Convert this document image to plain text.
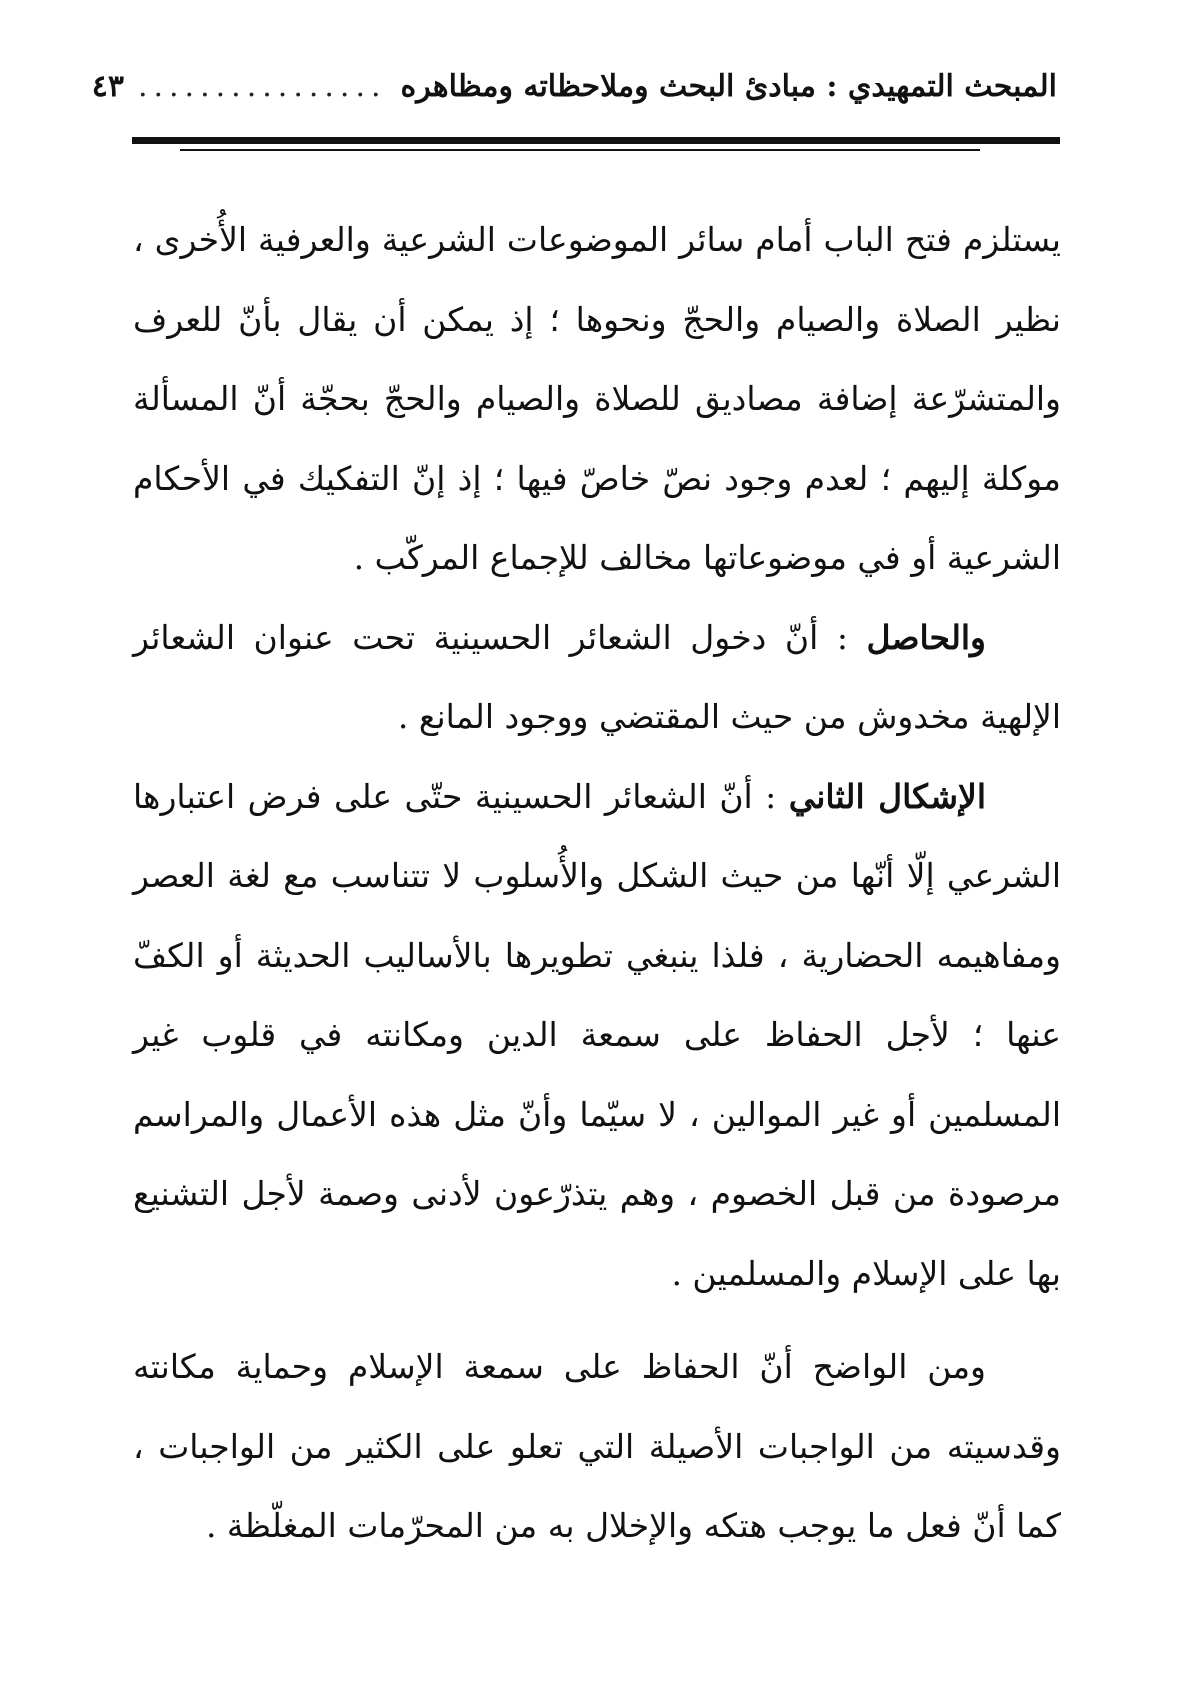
المبحث التمهيدي : مبادئ البحث وملاحظاته ومظاهره
................
٤٣

يستلزم فتح الباب أمام سائر الموضوعات الشرعية والعرفية الأُخرى ، نظير الصلاة والصيام والحجّ ونحوها ؛ إذ يمكن أن يقال بأنّ للعرف والمتشرّعة إضافة مصاديق للصلاة والصيام والحجّ بحجّة أنّ المسألة موكلة إليهم ؛ لعدم وجود نصّ خاصّ فيها ؛ إذ إنّ التفكيك في الأحكام الشرعية أو في موضوعاتها مخالف للإجماع المركّب .

والحاصل : أنّ دخول الشعائر الحسينية تحت عنوان الشعائر الإلهية مخدوش من حيث المقتضي ووجود المانع .

الإشكال الثاني : أنّ الشعائر الحسينية حتّى على فرض اعتبارها الشرعي إلّا أنّها من حيث الشكل والأُسلوب لا تتناسب مع لغة العصر ومفاهيمه الحضارية ، فلذا ينبغي تطويرها بالأساليب الحديثة أو الكفّ عنها ؛ لأجل الحفاظ على سمعة الدين ومكانته في قلوب غير المسلمين أو غير الموالين ، لا سيّما وأنّ مثل هذه الأعمال والمراسم مرصودة من قبل الخصوم ، وهم يتذرّعون لأدنى وصمة لأجل التشنيع بها على الإسلام والمسلمين .

ومن الواضح أنّ الحفاظ على سمعة الإسلام وحماية مكانته وقدسيته من الواجبات الأصيلة التي تعلو على الكثير من الواجبات ، كما أنّ فعل ما يوجب هتكه والإخلال به من المحرّمات المغلّظة .
